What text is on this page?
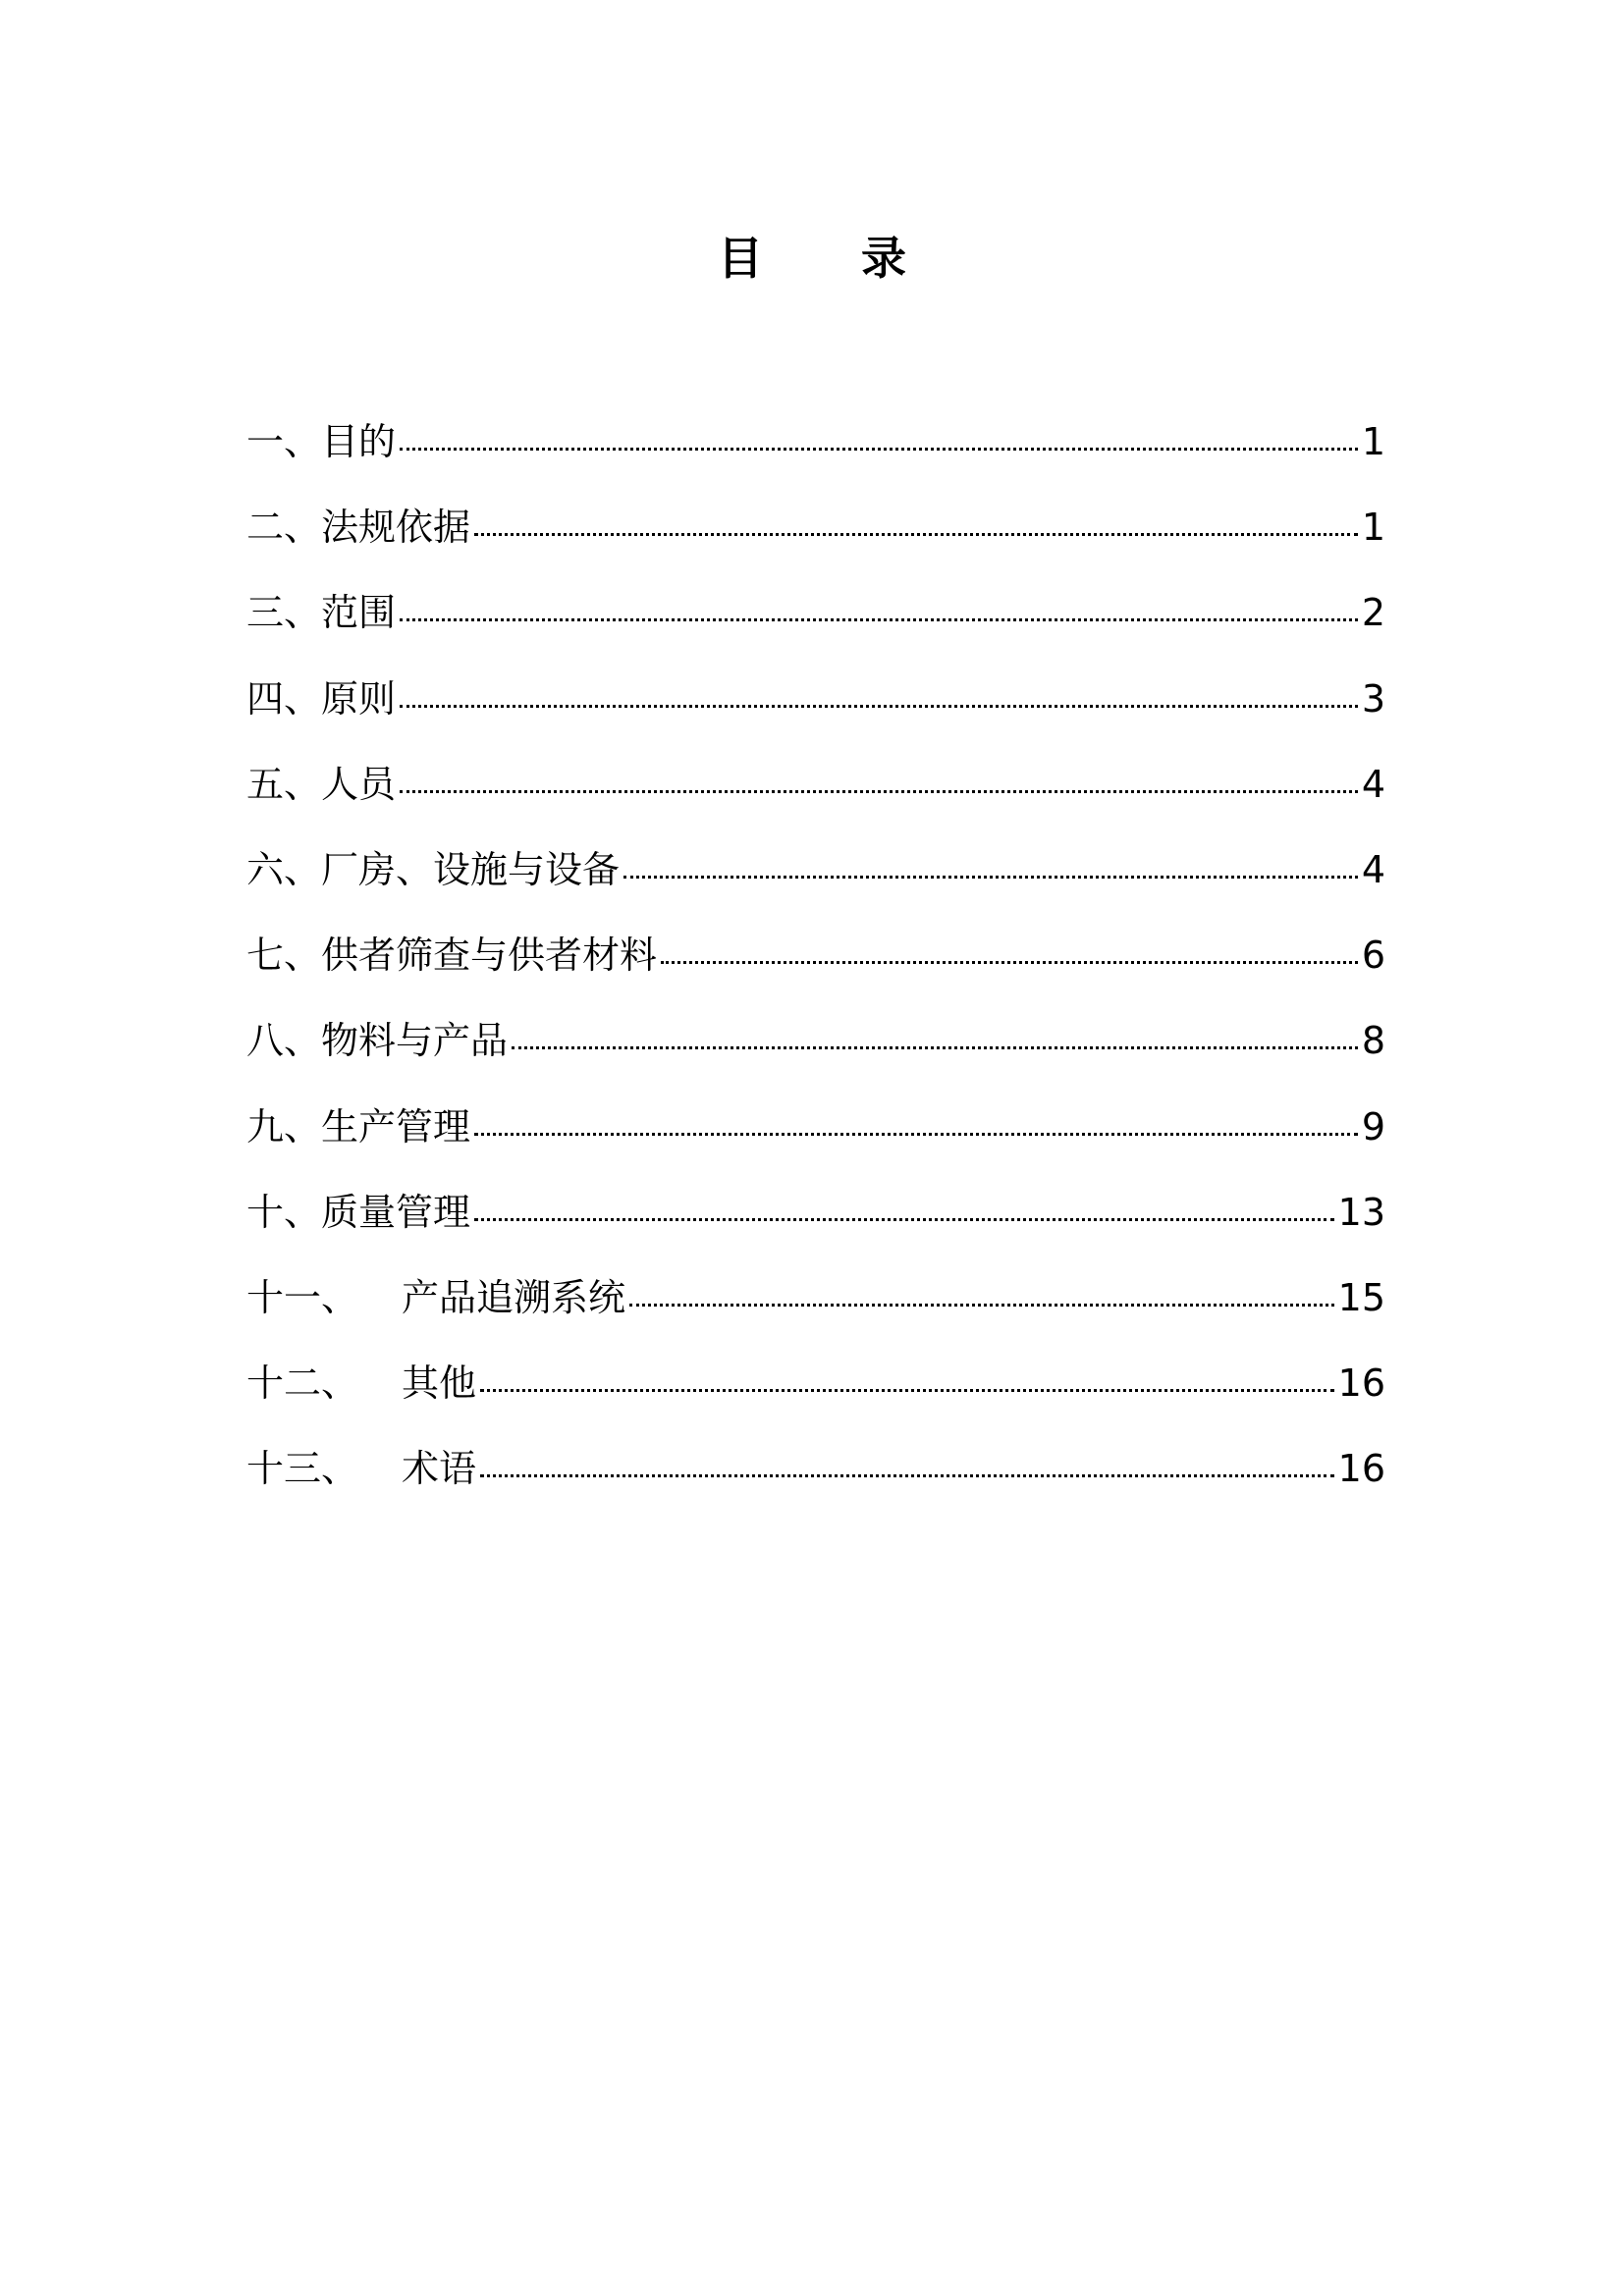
目 录
一、目的	1
二、法规依据	1
三、范围	2
四、原则	3
五、人员	4
六、厂房、设施与设备	4
七、供者筛查与供者材料	6
八、物料与产品	8
九、生产管理	9
十、质量管理	13
十一、 产品追溯系统	15
十二、 其他	16
十三、 术语	16
